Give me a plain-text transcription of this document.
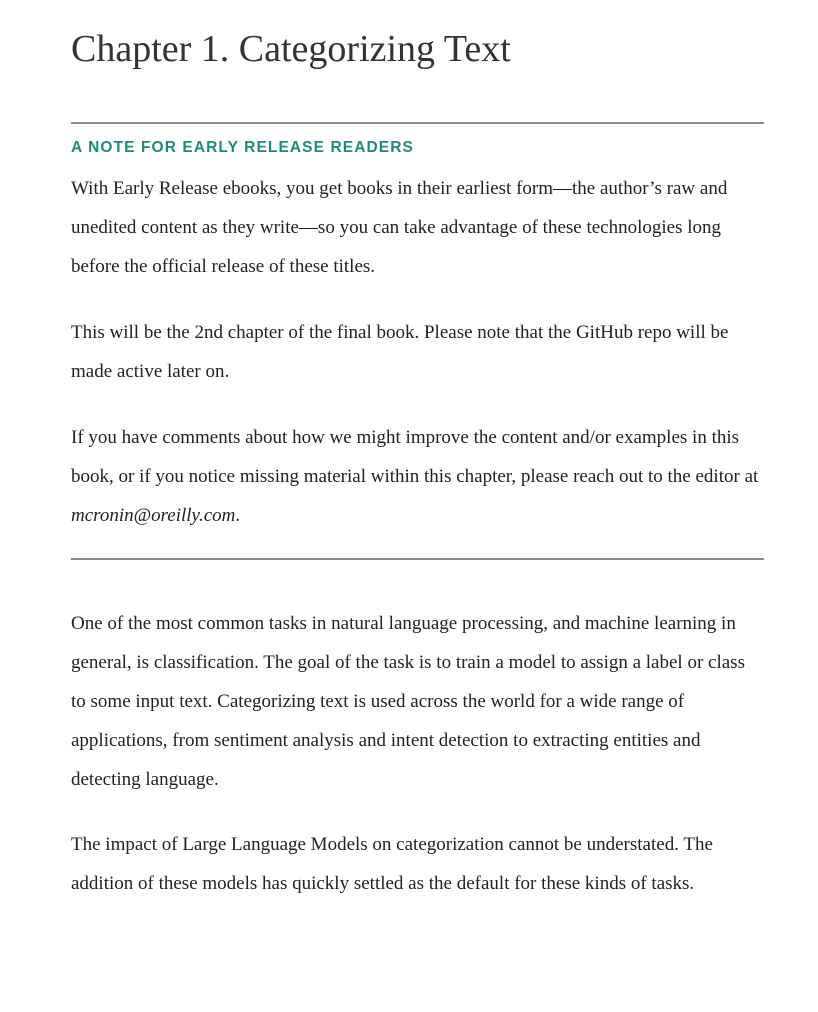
Chapter 1. Categorizing Text
A NOTE FOR EARLY RELEASE READERS

With Early Release ebooks, you get books in their earliest form—the author’s raw and unedited content as they write—so you can take advantage of these technologies long before the official release of these titles.

This will be the 2nd chapter of the final book. Please note that the GitHub repo will be made active later on.

If you have comments about how we might improve the content and/or examples in this book, or if you notice missing material within this chapter, please reach out to the editor at mcronin@oreilly.com.

One of the most common tasks in natural language processing, and machine learning in general, is classification. The goal of the task is to train a model to assign a label or class to some input text. Categorizing text is used across the world for a wide range of applications, from sentiment analysis and intent detection to extracting entities and detecting language.

The impact of Large Language Models on categorization cannot be understated. The addition of these models has quickly settled as the default for these kinds of tasks.
